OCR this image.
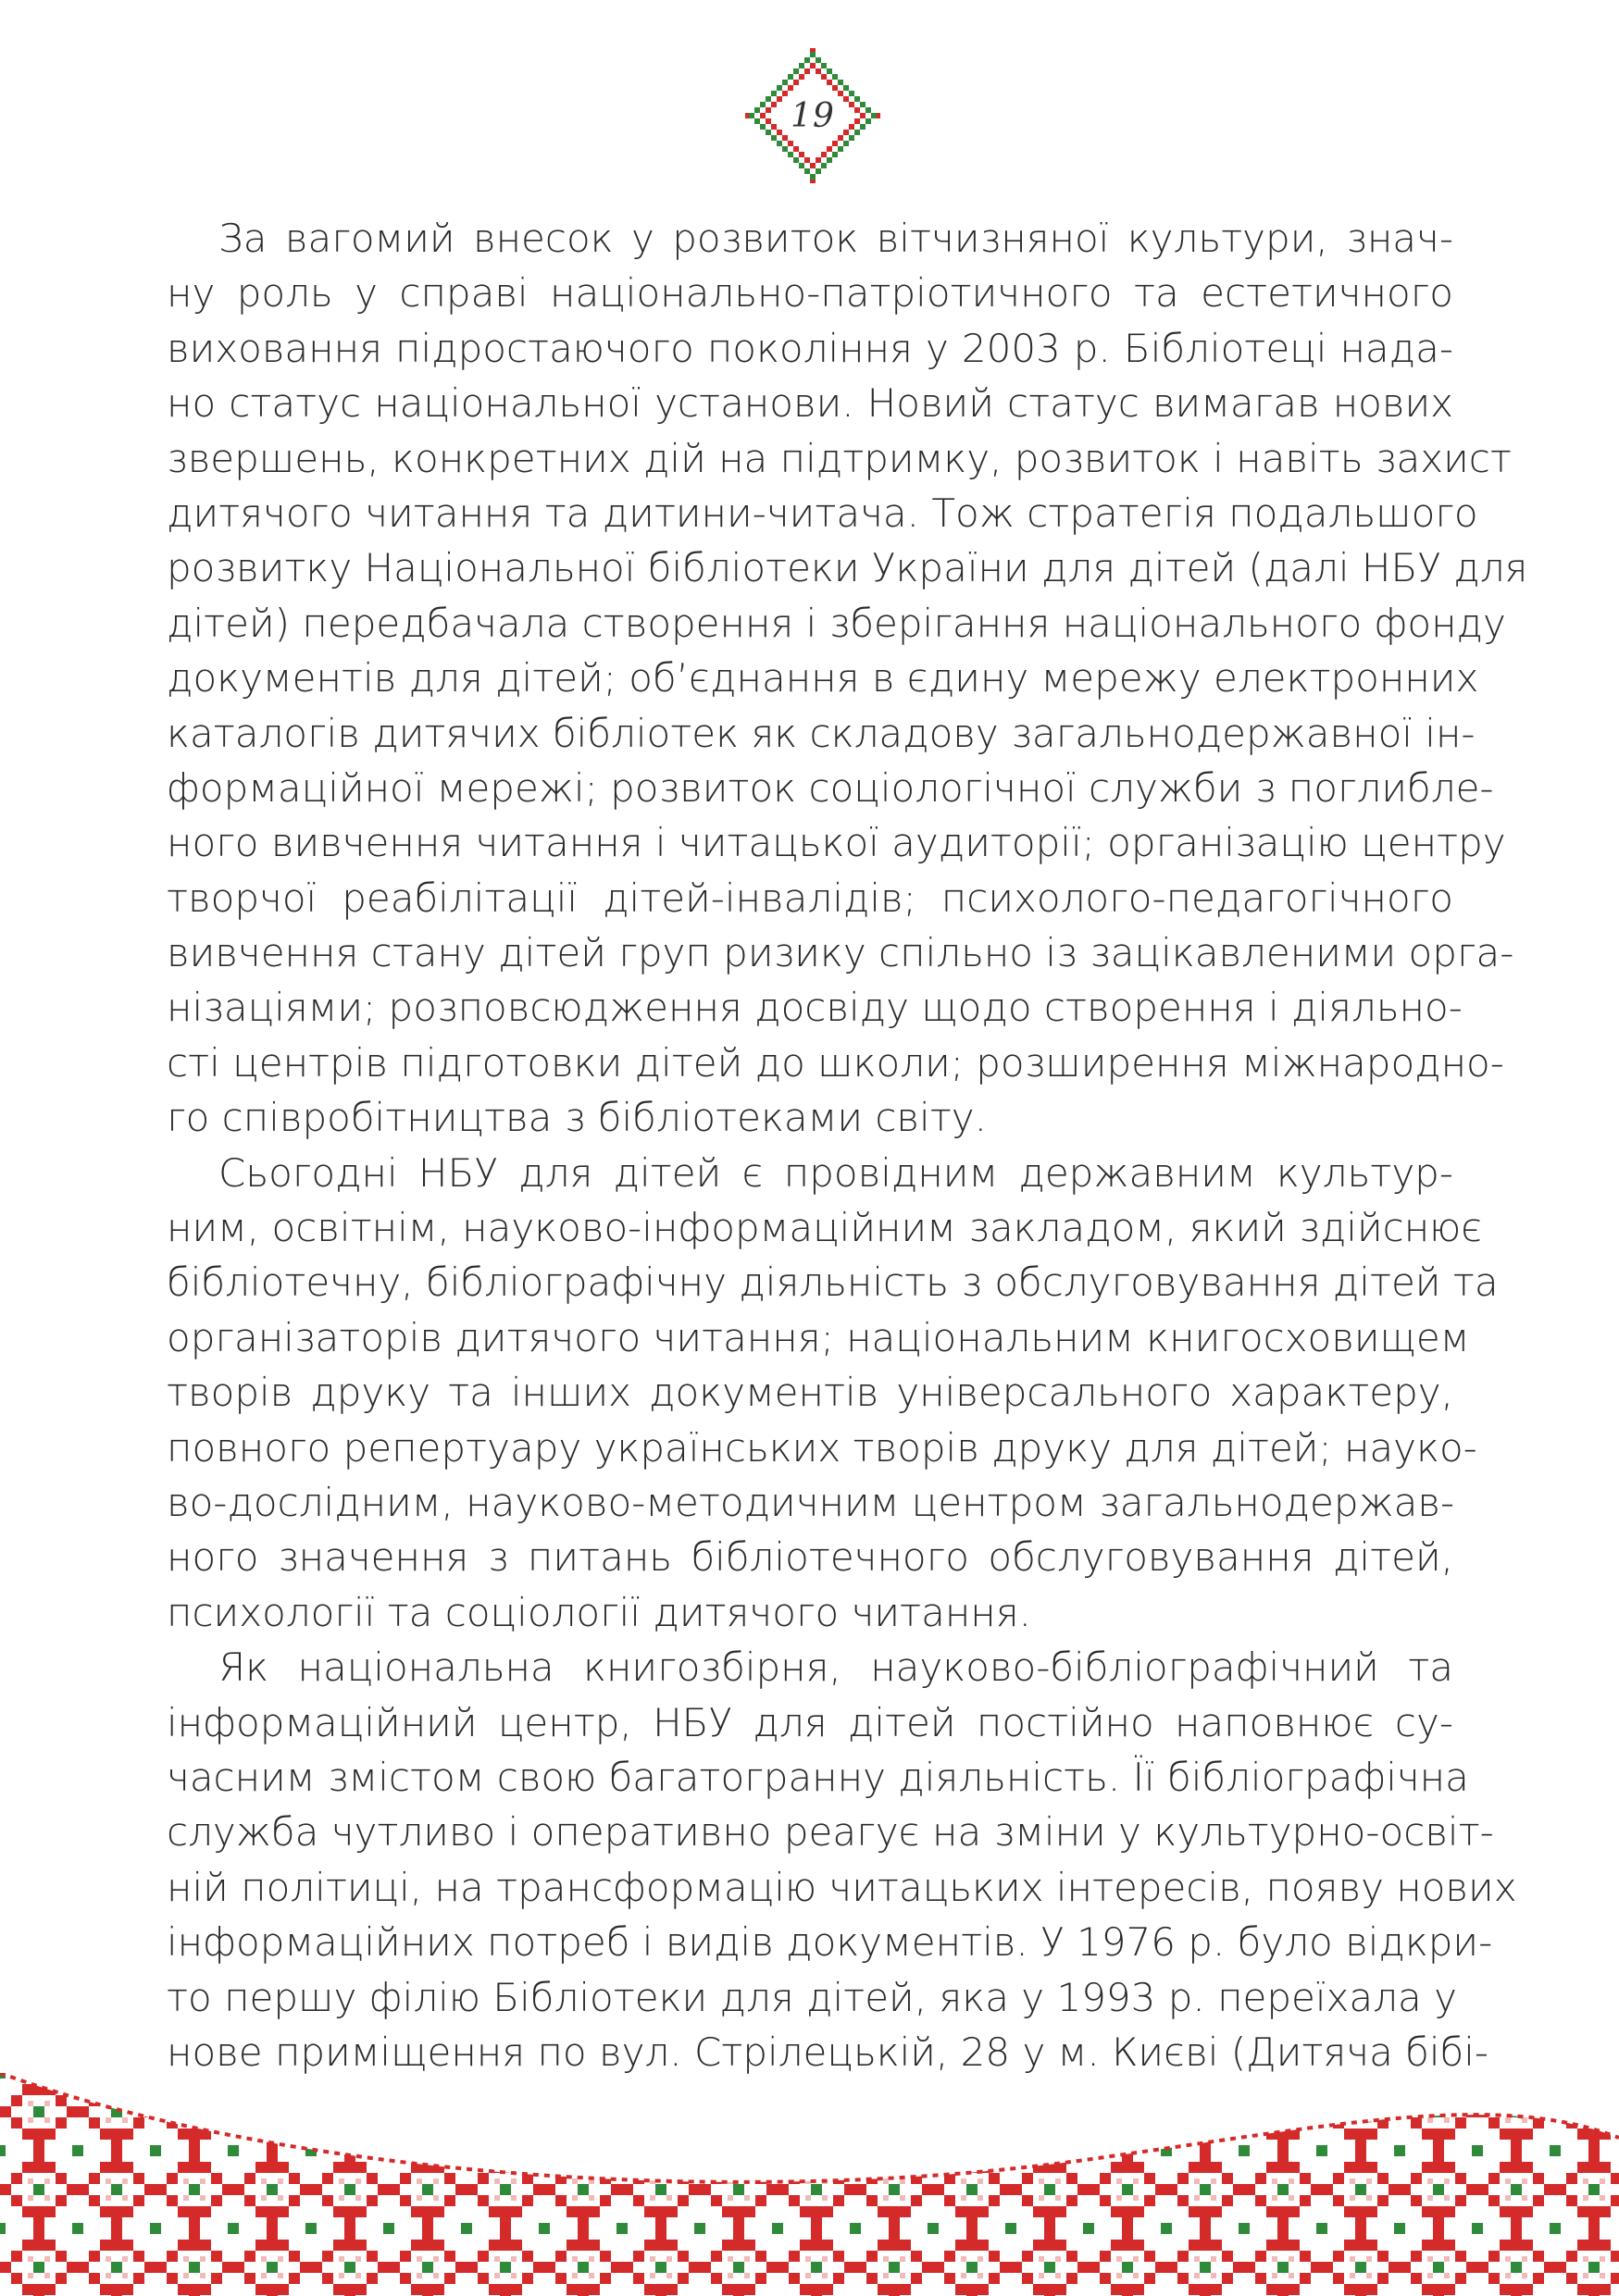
19
За вагомий внесок у розвиток вітчизняної культури, знач-
ну роль у справі національно-патріотичного та естетичного
виховання підростаючого покоління у 2003 р. Бібліотеці нада-
но статус національної установи. Новий статус вимагав нових
звершень, конкретних дій на підтримку, розвиток і навіть захист
дитячого читання та дитини-читача. Тож стратегія подальшого
розвитку Національної бібліотеки України для дітей (далі НБУ для
дітей) передбачала створення і зберігання національного фонду
документів для дітей; об’єднання в єдину мережу електронних
каталогів дитячих бібліотек як складову загальнодержавної ін-
формаційної мережі; розвиток соціологічної служби з поглибле-
ного вивчення читання і читацької аудиторії; організацію центру
творчої реабілітації дітей-інвалідів; психолого-педагогічного
вивчення стану дітей груп ризику спільно із зацікавленими орга-
нізаціями; розповсюдження досвіду щодо створення і діяльно-
сті центрів підготовки дітей до школи; розширення міжнародно-
го співробітництва з бібліотеками світу.
Сьогодні НБУ для дітей є провідним державним культур-
ним, освітнім, науково-інформаційним закладом, який здійснює
бібліотечну, бібліографічну діяльність з обслуговування дітей та
організаторів дитячого читання; національним книгосховищем
творів друку та інших документів універсального характеру,
повного репертуару українських творів друку для дітей; науко-
во-дослідним, науково-методичним центром загальнодержав-
ного значення з питань бібліотечного обслуговування дітей,
психології та соціології дитячого читання.
Як національна книгозбірня, науково-бібліографічний та
інформаційний центр, НБУ для дітей постійно наповнює су-
часним змістом свою багатогранну діяльність. Її бібліографічна
служба чутливо і оперативно реагує на зміни у культурно-освіт-
ній політиці, на трансформацію читацьких інтересів, появу нових
інформаційних потреб і видів документів. У 1976 р. було відкри-
то першу філію Бібліотеки для дітей, яка у 1993 р. переїхала у
нове приміщення по вул. Стрілецькій, 28 у м. Києві (Дитяча бібі-
